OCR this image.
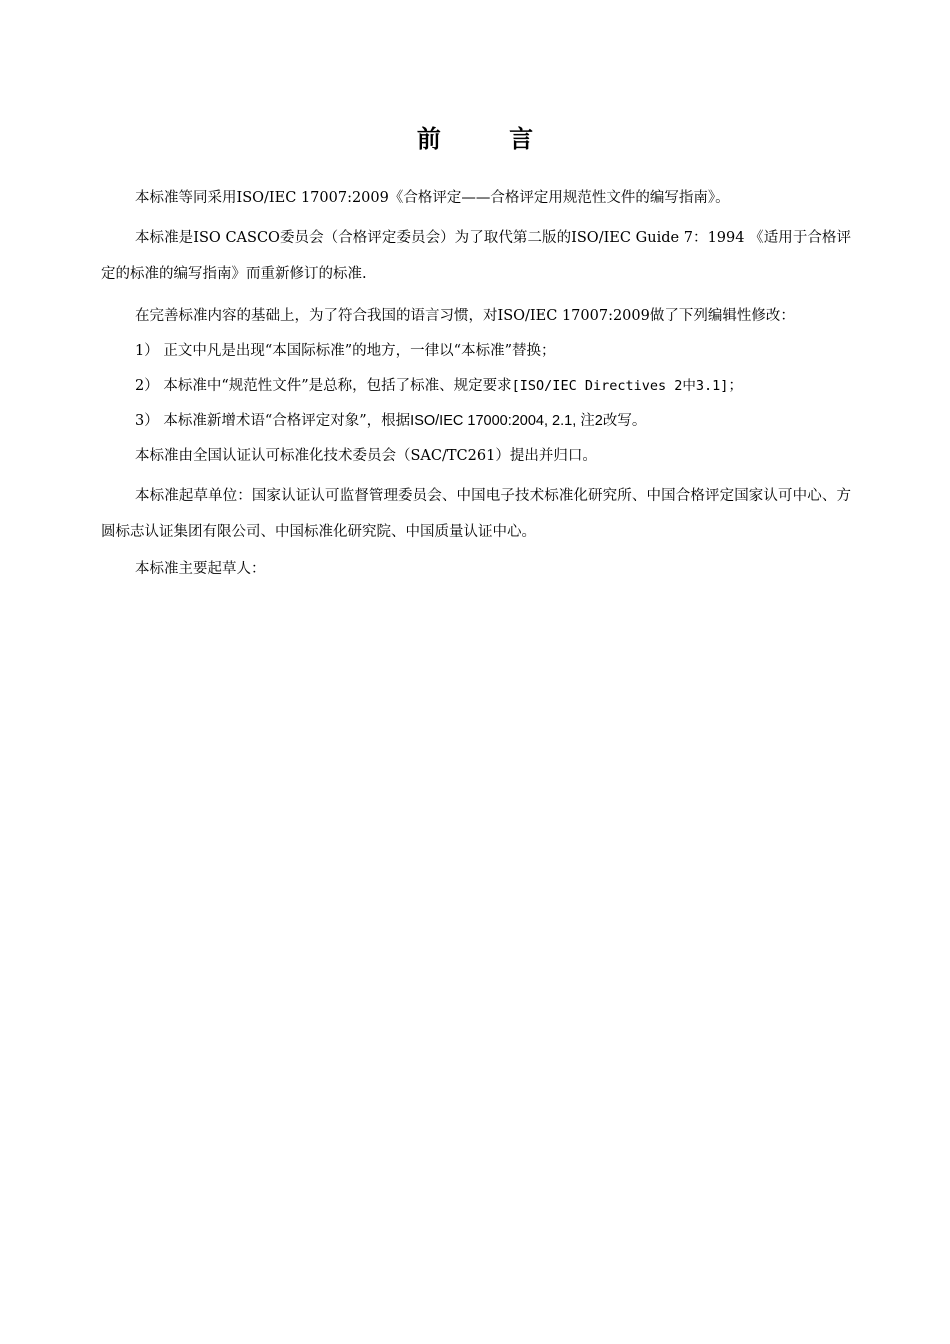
前 言

本标准等同采用ISO/IEC 17007:2009《合格评定——合格评定用规范性文件的编写指南》。

本标准是ISO CASCO委员会（合格评定委员会）为了取代第二版的ISO/IEC Guide 7：1994 《适用于合格评定的标准的编写指南》而重新修订的标准.

在完善标准内容的基础上，为了符合我国的语言习惯，对ISO/IEC 17007:2009做了下列编辑性修改：

1） 正文中凡是出现“本国际标准”的地方，一律以“本标准”替换；

2） 本标准中“规范性文件”是总称，包括了标准、规定要求[ISO/IEC Directives 2中3.1]；

3） 本标准新增术语“合格评定对象”，根据ISO/IEC 17000:2004, 2.1, 注2改写。

本标准由全国认证认可标准化技术委员会（SAC/TC261）提出并归口。

本标准起草单位：国家认证认可监督管理委员会、中国电子技术标准化研究所、中国合格评定国家认可中心、方圆标志认证集团有限公司、中国标准化研究院、中国质量认证中心。

本标准主要起草人：
